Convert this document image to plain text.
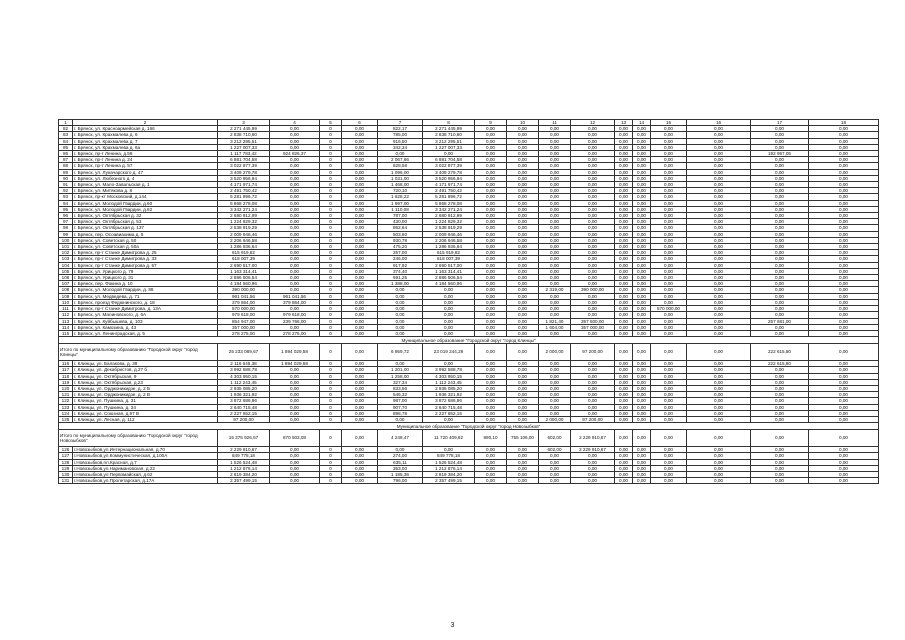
1	2	3	4	5	6	7	8	9	10	11	12	13	14	15	16	17	18
82	г. Брянск, ул. Красноармейская д. 166	2 271 445,99	0,00	0	0,00	822,17	2 271 445,99	0,00	0,00	0,00	0,00	0,00	0,00	0,00	0,00	0,00	0,00
83	г. Брянск, ул. Крахмалева д. 6	2 838 710,60	0,00	0	0,00	785,00	2 838 710,60	0,00	0,00	0,00	0,00	0,00	0,00	0,00	0,00	0,00	0,00
84	г. Брянск, ул. Крахмалева д. 7	3 212 295,51	0,00	0	0,00	916,50	3 212 295,51	0,00	0,00	0,00	0,00	0,00	0,00	0,00	0,00	0,00	0,00
85	г. Брянск, ул. Крахмалева д. 6а	1 227 007,33	0,00	0	0,00	342,34	1 227 007,33	0,00	0,00	0,00	0,00	0,00	0,00	0,00	0,00	0,00	0,00
86	г. Брянск, пр-т Ленина, д.58	1 117 783,42	924 826,37	0	0,00	0,00	0,00	0,00	0,00	0,00	0,00	0,00	0,00	0,00	0,00	192 957,05	0,00
87	г. Брянск, пр-т Ленина д. 24	6 881 704,58	0,00	0	0,00	2 067,66	6 881 704,58	0,00	0,00	0,00	0,00	0,00	0,00	0,00	0,00	0,00	0,00
88	г. Брянск, пр-т Ленина д. 57	3 022 877,39	0,00	0	0,00	828,58	3 022 877,39	0,00	0,00	0,00	0,00	0,00	0,00	0,00	0,00	0,00	0,00
89	г. Брянск, ул. Луначарского д. 47	3 409 279,78	0,00	0	0,00	1 096,00	3 409 279,78	0,00	0,00	0,00	0,00	0,00	0,00	0,00	0,00	0,00	0,00
90	г. Брянск, ул. Любезного д. 4	3 520 956,94	0,00	0	0,00	1 031,00	3 520 956,94	0,00	0,00	0,00	0,00	0,00	0,00	0,00	0,00	0,00	0,00
91	г. Брянск, ул. Мало-Завальская д. 1	4 171 971,74	0,00	0	0,00	1 468,00	4 171 971,74	0,00	0,00	0,00	0,00	0,00	0,00	0,00	0,00	0,00	0,00
92	г. Брянск, ул. Митякова д. 8	2 491 750,42	0,00	0	0,00	720,10	2 491 750,42	0,00	0,00	0,00	0,00	0,00	0,00	0,00	0,00	0,00	0,00
93	г. Брянск, пр-кт Московский, д.144	5 281 896,72	0,00	0	0,00	1 628,22	5 281 896,72	0,00	0,00	0,00	0,00	0,00	0,00	0,00	0,00	0,00	0,00
94	г. Брянск, ул. Молодой Гвардии, д.60	5 868 278,08	0,00	0	0,00	1 997,00	5 868 278,08	0,00	0,00	0,00	0,00	0,00	0,00	0,00	0,00	0,00	0,00
95	г. Брянск, ул. Молодой Гвардии, д.62	3 342 271,24	0,00	0	0,00	1 110,08	3 342 271,24	0,00	0,00	0,00	0,00	0,00	0,00	0,00	0,00	0,00	0,00
96	г. Брянск, ул. Октябрьская д. 32	2 680 912,99	0,00	0	0,00	787,00	2 680 912,99	0,00	0,00	0,00	0,00	0,00	0,00	0,00	0,00	0,00	0,00
97	г. Брянск, ул. Октябрьская д. 53	1 224 829,32	0,00	0	0,00	430,00	1 224 829,32	0,00	0,00	0,00	0,00	0,00	0,00	0,00	0,00	0,00	0,00
98	г. Брянск, ул. Октябрьская д. 137	2 538 919,29	0,00	0	0,00	862,64	2 538 919,29	0,00	0,00	0,00	0,00	0,00	0,00	0,00	0,00	0,00	0,00
99	г. Брянск, пер. Осоавиахима д. 5	2 009 946,46	0,00	0	0,00	503,60	2 009 946,46	0,00	0,00	0,00	0,00	0,00	0,00	0,00	0,00	0,00	0,00
100	г. Брянск, ул. Советская д. 50	2 206 946,58	0,00	0	0,00	930,78	2 206 946,58	0,00	0,00	0,00	0,00	0,00	0,00	0,00	0,00	0,00	0,00
101	г. Брянск, ул. Советская д. 50а	1 286 936,64	0,00	0	0,00	475,20	1 286 936,64	0,00	0,00	0,00	0,00	0,00	0,00	0,00	0,00	0,00	0,00
102	г. Брянск, пр-т Станке Димитрова д. 25	615 919,82	0,00	0	0,00	257,00	615 919,82	0,00	0,00	0,00	0,00	0,00	0,00	0,00	0,00	0,00	0,00
103	г. Брянск, пр-т Станке Димитрова д. 33	618 007,39	0,00	0	0,00	246,00	618 007,39	0,00	0,00	0,00	0,00	0,00	0,00	0,00	0,00	0,00	0,00
104	г. Брянск, пр-т Станке Димитрова д. 57	2 690 517,00	0,00	0	0,00	917,92	2 690 517,00	0,00	0,00	0,00	0,00	0,00	0,00	0,00	0,00	0,00	0,00
105	г. Брянск, ул. Урицкого д. 79	1 163 314,41	0,00	0	0,00	374,40	1 163 314,41	0,00	0,00	0,00	0,00	0,00	0,00	0,00	0,00	0,00	0,00
106	г. Брянск, ул. Урицкого д. 31	2 886 506,54	0,00	0	0,00	691,25	2 886 506,54	0,00	0,00	0,00	0,00	0,00	0,00	0,00	0,00	0,00	0,00
107	г. Брянск, пер. Фокина д. 10	4 184 560,96	0,00	0	0,00	1 388,00	4 184 560,96	0,00	0,00	0,00	0,00	0,00	0,00	0,00	0,00	0,00	0,00
108	г. Брянск, ул. Молодой Гвардии, д. 88	390 000,00	0,00	0	0,00	0,00	0,00	0,00	0,00	2 319,00	390 000,00	0,00	0,00	0,00	0,00	0,00	0,00
109	г. Брянск, ул. Медведева, д. 71	961 041,56	961 041,56	0	0,00	0,00	0,00	0,00	0,00	0,00	0,00	0,00	0,00	0,00	0,00	0,00	0,00
110	г. Брянск, проезд Федюнинского, д. 18	379 864,00	379 864,00	0	0,00	0,00	0,00	0,00	0,00	0,00	0,00	0,00	0,00	0,00	0,00	0,00	0,00
111	г. Брянск, пр-т Станке Димитрова, д. 13А	570 000,00	0,00	0	0,00	0,00	0,00	0,00	0,00	0,00	0,00	0,00	0,00	570 000,00	0,00	0,00	0,00
112	г. Брянск, ул. Малиновского, д. 6А	979 618,00	979 618,00	0	0,00	0,00	0,00	0,00	0,00	0,00	0,00	0,00	0,00	0,00	0,00	0,00	0,00
113	г. Брянск, ул. Куйбышева, д. 103	854 947,00	239 766,00	0	0,00	0,00	0,00	0,00	0,00	1 821,40	357 500,00	0,00	0,00	0,00	0,00	257 681,00	0,00
114	г. Брянск, ул. Камозина, д. 43	357 000,00	0,00	0	0,00	0,00	0,00	0,00	0,00	1 604,00	357 000,00	0,00	0,00	0,00	0,00	0,00	0,00
115	г. Брянск, ул. Ленинградская, д. 5	278 275,00	278 275,00	0	0,00	0,00	0,00	0,00	0,00	0,00	0,00	0,00	0,00	0,00	0,00	0,00	0,00
Муниципальное образование "Городской округ "город Клинцы"																	
Итого по муниципальному образованию "Городской округ "город Клинцы"		25 233 089,67	1 894 029,58	0	0,00	6 959,72	23 019 244,29	0,00	0,00	2 000,00	97 200,00	0,00	0,00	0,00	0,00	222 615,80	0,00
116	г. Клинцы, ул. Балакова, д. 39	2 116 645,38	1 894 029,58	0	0,00	0,00	0,00	0,00	0,00	0,00	0,00	0,00	0,00	0,00	0,00	222 615,80	0,00
117	г. Клинцы, ул. Декабристов, д.27 б	3 992 588,78	0,00	0	0,00	1 201,00	3 992 588,78	0,00	0,00	0,00	0,00	0,00	0,00	0,00	0,00	0,00	0,00
118	г. Клинцы, ул. Октябрьская, 9	4 303 950,15	0,00	0	0,00	1 258,00	4 303 950,15	0,00	0,00	0,00	0,00	0,00	0,00	0,00	0,00	0,00	0,00
119	г. Клинцы, ул. Октябрьская, д.23	1 112 243,45	0,00	0	0,00	327,34	1 112 243,45	0,00	0,00	0,00	0,00	0,00	0,00	0,00	0,00	0,00	0,00
120	г. Клинцы, ул. Орджоникидзе, д. 2 Б	2 935 085,20	0,00	0	0,00	833,56	2 935 085,20	0,00	0,00	0,00	0,00	0,00	0,00	0,00	0,00	0,00	0,00
121	г. Клинцы, ул. Орджоникидзе, д. 2 В	1 936 321,92	0,00	0	0,00	546,32	1 936 321,92	0,00	0,00	0,00	0,00	0,00	0,00	0,00	0,00	0,00	0,00
122	г. Клинцы, ул. Пушкина, д. 31	3 872 686,96	0,00	0	0,00	987,00	3 872 686,96	0,00	0,00	0,00	0,00	0,00	0,00	0,00	0,00	0,00	0,00
123	г. Клинцы, ул. Пушкина, д. 34	2 640 715,48	0,00	0	0,00	907,70	2 640 715,48	0,00	0,00	0,00	0,00	0,00	0,00	0,00	0,00	0,00	0,00
124	г. Клинцы, ул. Союзная, д.97 В	2 227 652,15	0,00	0	0,00	898,78	2 227 652,15	0,00	0,00	0,00	0,00	0,00	0,00	0,00	0,00	0,00	0,00
125	г. Клинцы, ул. Лесная, д. 112	97 200,00	0,00	0	0,00	0,00	0,00	0,00	0,00	2 000,00	97 200,00	0,00	0,00	0,00	0,00	0,00	0,00
Муниципальное образование "Городской округ "город Новозыбков"																	
Итого по муниципальному образованию "Городской округ "город Новозыбков"		15 375 926,57	870 503,08	0	0,00	4 248,47	11 720 409,82	990,10	755 106,00	602,00	2 229 910,67	0,00	0,00	0,00	0,00	0,00	0,00
126	г.Новозыбков,ул.Интернациональная, д.70	2 229 910,67	0,00	0	0,00	0,00	0,00	0,00	0,00	602,00	2 229 910,67	0,00	0,00	0,00	0,00	0,00	0,00
127	г.Новозыбков,ул.Коммунистическая, д.100А	849 778,18	0,00	0	0,00	274,00	849 778,18	0,00	0,00	0,00	0,00	0,00	0,00	0,00	0,00	0,00	0,00
128	г.Новозыбков,пл.Красная, д.7	1 526 524,48	0,00	0	0,00	635,11	1 526 524,48	0,00	0,00	0,00	0,00	0,00	0,00	0,00	0,00	0,00	0,00
129	г.Новозыбков,ул.Наримановская, д.22	1 212 876,14	0,00	0	0,00	353,00	1 212 876,14	0,00	0,00	0,00	0,00	0,00	0,00	0,00	0,00	0,00	0,00
130	г.Новозыбков,ул.Первомайская, д.62	2 819 384,20	0,00	0	0,00	1 185,36	2 819 384,20	0,00	0,00	0,00	0,00	0,00	0,00	0,00	0,00	0,00	0,00
131	г.Новозыбков,ул.Пролетарская, д.17А	2 357 499,15	0,00	0	0,00	796,00	2 357 499,15	0,00	0,00	0,00	0,00	0,00	0,00	0,00	0,00	0,00	0,00
3
